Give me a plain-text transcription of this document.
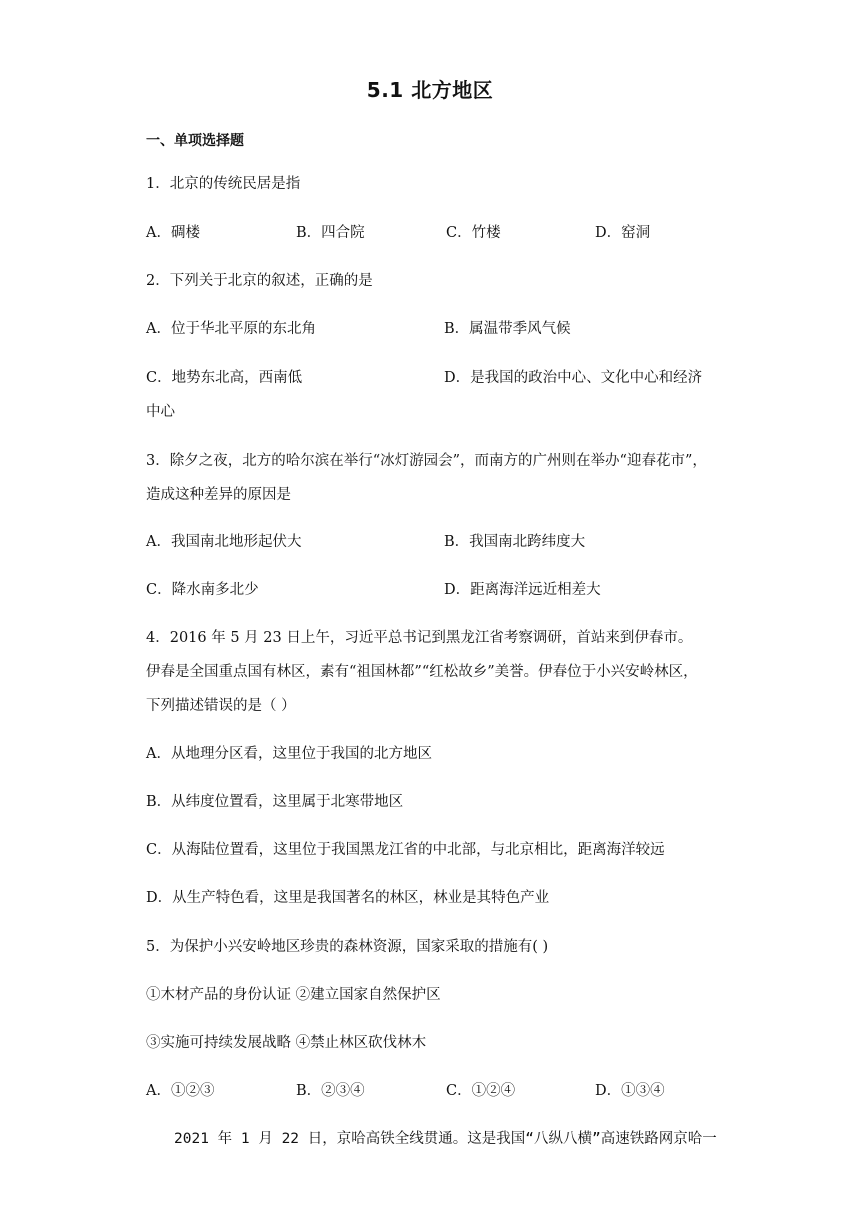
5.1 北方地区
一、单项选择题
1．北京的传统民居是指
A．碉楼	B．四合院	C．竹楼	D．窑洞
2．下列关于北京的叙述，正确的是
A．位于华北平原的东北角	B．属温带季风气候
C．地势东北高，西南低	D．是我国的政治中心、文化中心和经济
中心
3．除夕之夜，北方的哈尔滨在举行“冰灯游园会”，而南方的广州则在举办“迎春花市”，
造成这种差异的原因是
A．我国南北地形起伏大	B．我国南北跨纬度大
C．降水南多北少	D．距离海洋远近相差大
4．2016 年 5 月 23 日上午，习近平总书记到黑龙江省考察调研，首站来到伊春市。
伊春是全国重点国有林区，素有“祖国林都”“红松故乡”美誉。伊春位于小兴安岭林区，
下列描述错误的是（ ）
A．从地理分区看，这里位于我国的北方地区
B．从纬度位置看，这里属于北寒带地区
C．从海陆位置看，这里位于我国黑龙江省的中北部，与北京相比，距离海洋较远
D．从生产特色看，这里是我国著名的林区，林业是其特色产业
5．为保护小兴安岭地区珍贵的森林资源，国家采取的措施有( )
①木材产品的身份认证 ②建立国家自然保护区
③实施可持续发展战略 ④禁止林区砍伐林木
A．①②③	B．②③④	C．①②④	D．①③④
2021 年 1 月 22 日，京哈高铁全线贯通。这是我国“八纵八横”高速铁路网京哈一
